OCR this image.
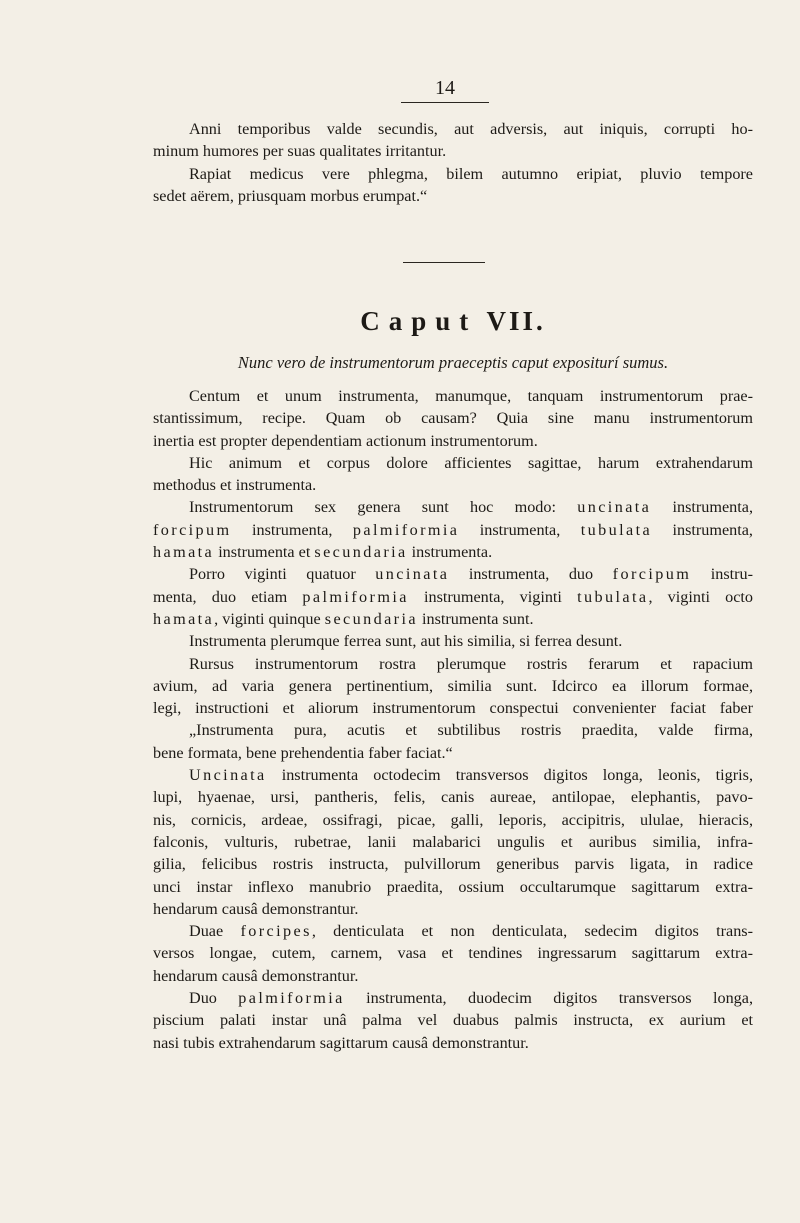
14
Anni temporibus valde secundis, aut adversis, aut iniquis, corrupti ho-
minum humores per suas qualitates irritantur.
Rapiat medicus vere phlegma, bilem autumno eripiat, pluvio tempore
sedet aërem, priusquam morbus erumpat.“
Caput VII.
Nunc vero de instrumentorum praeceptis caput expositurí sumus.
Centum et unum instrumenta, manumque, tanquam instrumentorum prae-
stantissimum, recipe. Quam ob causam? Quia sine manu instrumentorum
inertia est propter dependentiam actionum instrumentorum.
Hic animum et corpus dolore afficientes sagittae, harum extrahendarum
methodus et instrumenta.
Instrumentorum sex genera sunt hoc modo: uncinata instrumenta,
forcipum instrumenta, palmiformia instrumenta, tubulata instrumenta,
hamata instrumenta et secundaria instrumenta.
Porro viginti quatuor uncinata instrumenta, duo forcipum instru-
menta, duo etiam palmiformia instrumenta, viginti tubulata, viginti octo
hamata, viginti quinque secundaria instrumenta sunt.
Instrumenta plerumque ferrea sunt, aut his similia, si ferrea desunt.
Rursus instrumentorum rostra plerumque rostris ferarum et rapacium
avium, ad varia genera pertinentium, similia sunt. Idcirco ea illorum formae,
legi, instructioni et aliorum instrumentorum conspectui convenienter faciat faber
„Instrumenta pura, acutis et subtilibus rostris praedita, valde firma,
bene formata, bene prehendentia faber faciat.“
Uncinata instrumenta octodecim transversos digitos longa, leonis, tigris,
lupi, hyaenae, ursi, pantheris, felis, canis aureae, antilopae, elephantis, pavo-
nis, cornicis, ardeae, ossifragi, picae, galli, leporis, accipitris, ululae, hieracis,
falconis, vulturis, rubetrae, lanii malabarici ungulis et auribus similia, infra-
gilia, felicibus rostris instructa, pulvillorum generibus parvis ligata, in radice
unci instar inflexo manubrio praedita, ossium occultarumque sagittarum extra-
hendarum causâ demonstrantur.
Duae forcipes, denticulata et non denticulata, sedecim digitos trans-
versos longae, cutem, carnem, vasa et tendines ingressarum sagittarum extra-
hendarum causâ demonstrantur.
Duo palmiformia instrumenta, duodecim digitos transversos longa,
piscium palati instar unâ palma vel duabus palmis instructa, ex aurium et
nasi tubis extrahendarum sagittarum causâ demonstrantur.
